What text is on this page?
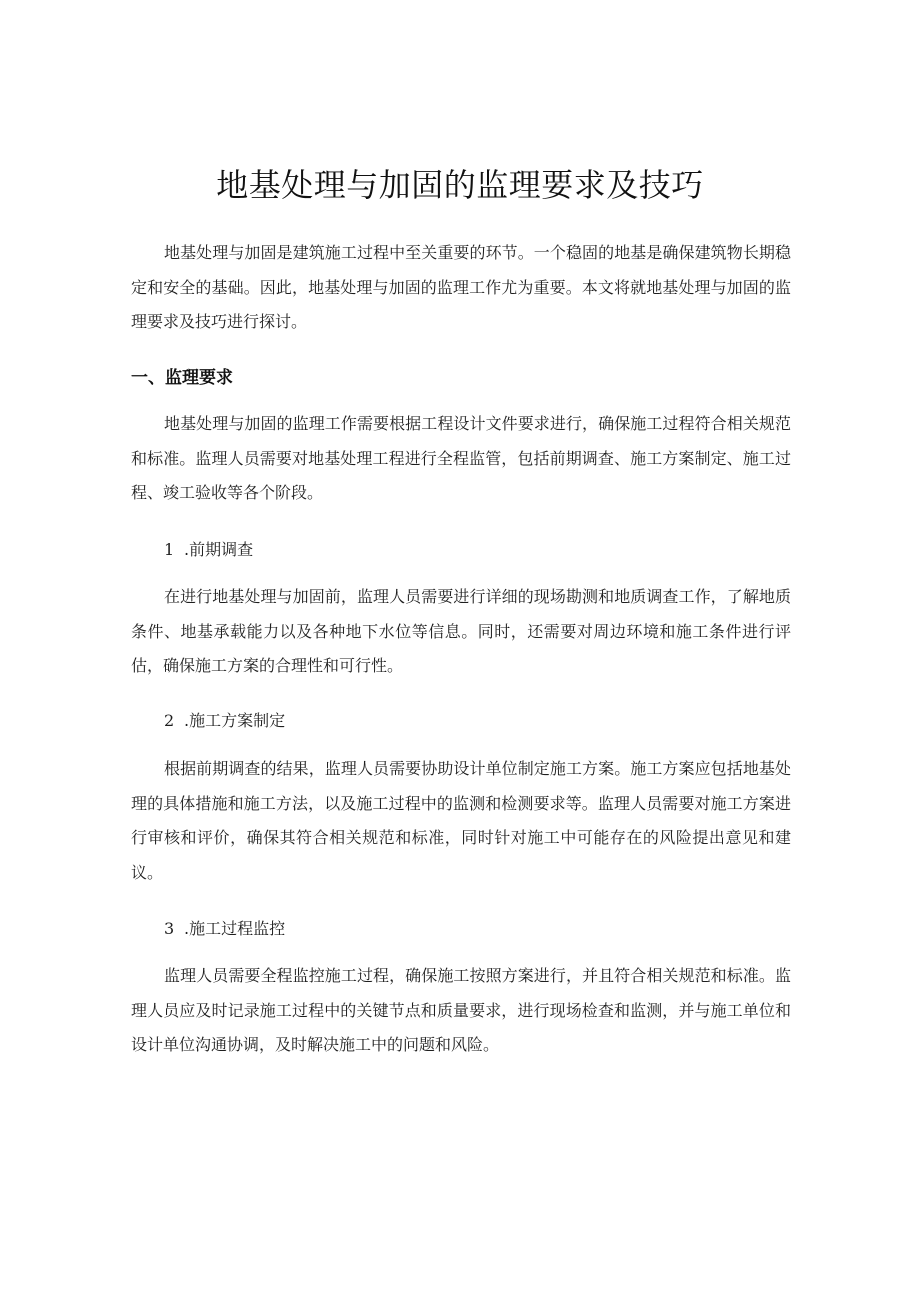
地基处理与加固的监理要求及技巧

地基处理与加固是建筑施工过程中至关重要的环节。一个稳固的地基是确保建筑物长期稳定和安全的基础。因此，地基处理与加固的监理工作尤为重要。本文将就地基处理与加固的监理要求及技巧进行探讨。

一、监理要求

地基处理与加固的监理工作需要根据工程设计文件要求进行，确保施工过程符合相关规范和标准。监理人员需要对地基处理工程进行全程监管，包括前期调查、施工方案制定、施工过程、竣工验收等各个阶段。

1 .前期调查

在进行地基处理与加固前，监理人员需要进行详细的现场勘测和地质调查工作，了解地质条件、地基承载能力以及各种地下水位等信息。同时，还需要对周边环境和施工条件进行评估，确保施工方案的合理性和可行性。

2 .施工方案制定

根据前期调查的结果，监理人员需要协助设计单位制定施工方案。施工方案应包括地基处理的具体措施和施工方法，以及施工过程中的监测和检测要求等。监理人员需要对施工方案进行审核和评价，确保其符合相关规范和标准，同时针对施工中可能存在的风险提出意见和建议。

3 .施工过程监控

监理人员需要全程监控施工过程，确保施工按照方案进行，并且符合相关规范和标准。监理人员应及时记录施工过程中的关键节点和质量要求，进行现场检查和监测，并与施工单位和设计单位沟通协调，及时解决施工中的问题和风险。
